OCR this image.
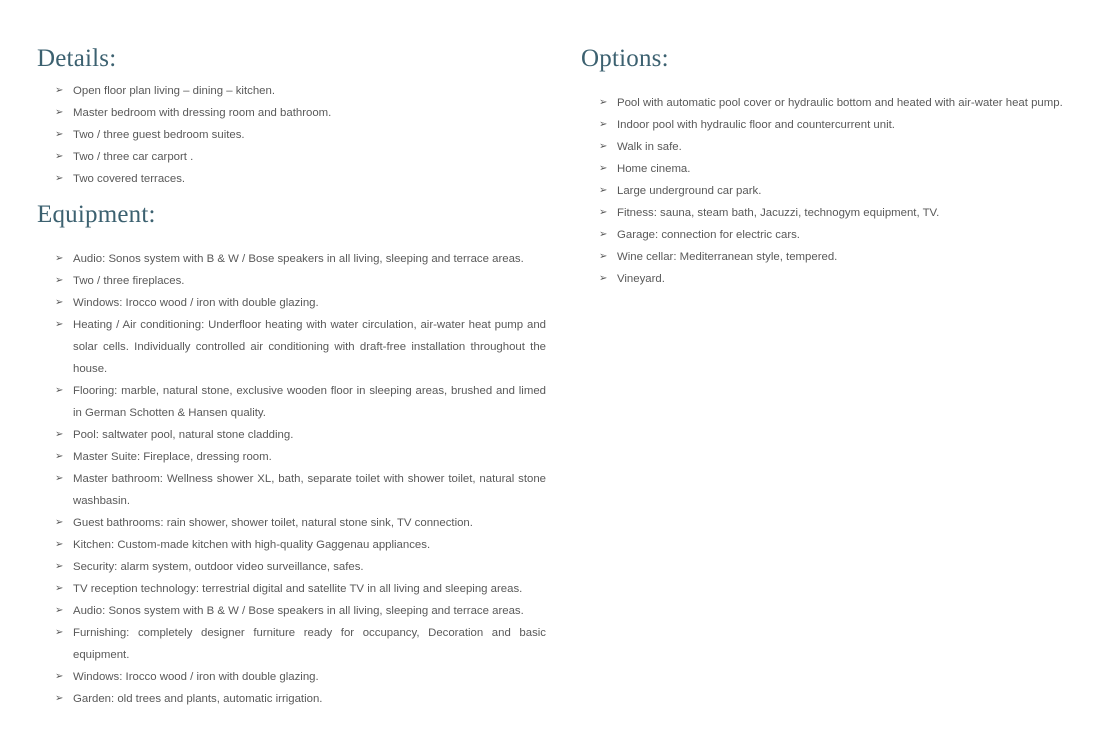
Details:
➢ Open floor plan living – dining – kitchen.
➢ Master bedroom with dressing room and bathroom.
➢ Two / three guest bedroom suites.
➢ Two / three car carport .
➢ Two covered terraces.
Equipment:
➢ Audio: Sonos system with B & W / Bose speakers in all living, sleeping and terrace areas.
➢ Two / three fireplaces.
➢ Windows: Irocco wood / iron with double glazing.
➢ Heating / Air conditioning: Underfloor heating with water circulation, air-water heat pump and solar cells. Individually controlled air conditioning with draft-free installation throughout the house.
➢ Flooring: marble, natural stone, exclusive wooden floor in sleeping areas, brushed and limed in German Schotten & Hansen quality.
➢ Pool: saltwater pool, natural stone cladding.
➢ Master Suite: Fireplace, dressing room.
➢ Master bathroom: Wellness shower XL, bath, separate toilet with shower toilet, natural stone washbasin.
➢ Guest bathrooms: rain shower, shower toilet, natural stone sink, TV connection.
➢ Kitchen: Custom-made kitchen with high-quality Gaggenau appliances.
➢ Security: alarm system, outdoor video surveillance, safes.
➢ TV reception technology: terrestrial digital and satellite TV in all living and sleeping areas.
➢ Audio: Sonos system with B & W / Bose speakers in all living, sleeping and terrace areas.
➢ Furnishing: completely designer furniture ready for occupancy, Decoration and basic equipment.
➢ Windows: Irocco wood / iron with double glazing.
➢ Garden: old trees and plants, automatic irrigation.
Options:
➢ Pool with automatic pool cover or hydraulic bottom and heated with air-water heat pump.
➢ Indoor pool with hydraulic floor and countercurrent unit.
➢ Walk in safe.
➢ Home cinema.
➢ Large underground car park.
➢ Fitness: sauna, steam bath, Jacuzzi, technogym equipment, TV.
➢ Garage: connection for electric cars.
➢ Wine cellar: Mediterranean style, tempered.
➢ Vineyard.
